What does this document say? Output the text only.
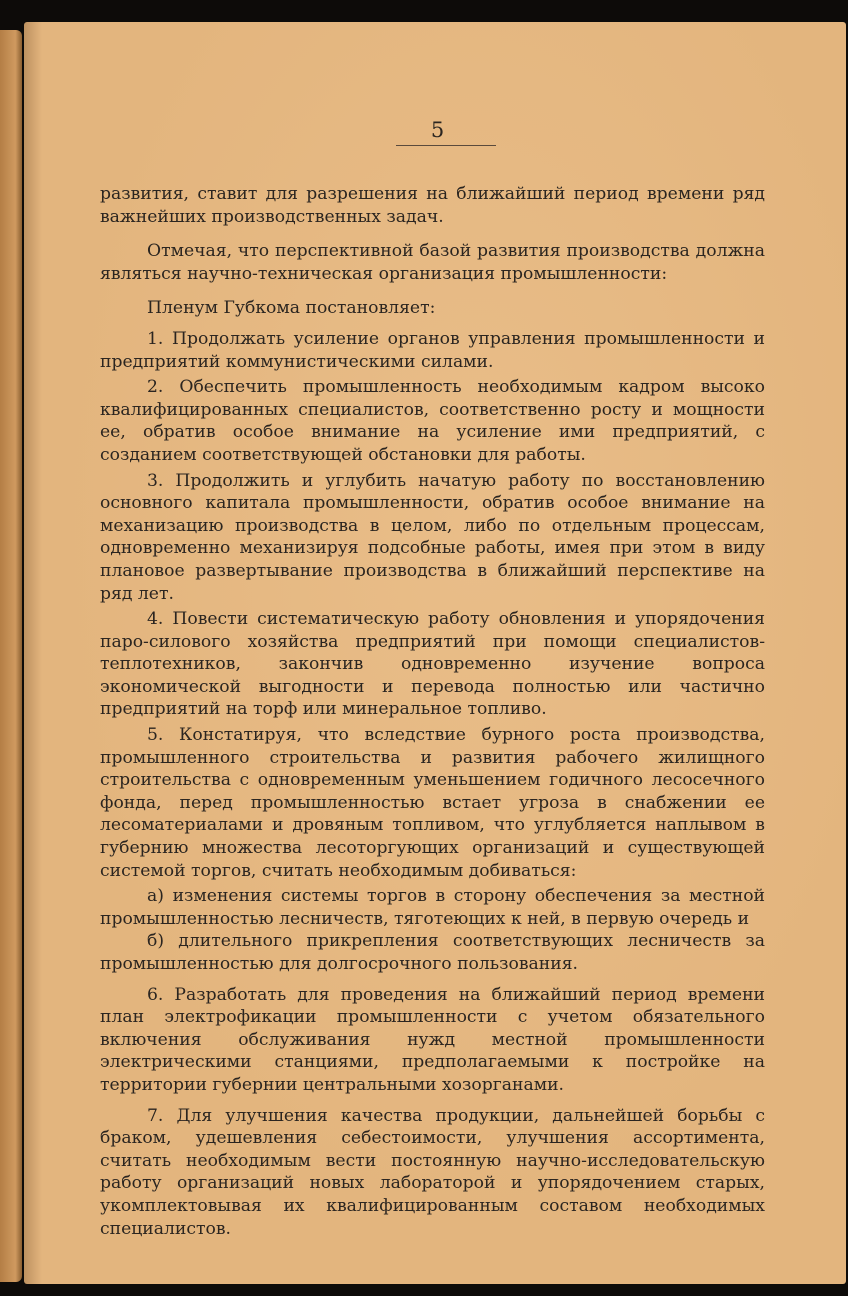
5

развития, ставит для разрешения на ближайший период времени ряд важнейших производственных задач.

Отмечая, что перспективной базой развития производства должна являться научно-техническая организация промышленности:

Пленум Губкома постановляет:

1. Продолжать усиление органов управления промышленности и предприятий коммунистическими силами.

2. Обеспечить промышленность необходимым кадром высоко квалифицированных специалистов, соответственно росту и мощности ее, обратив особое внимание на усиление ими предприятий, с созданием соответствующей обстановки для работы.

3. Продолжить и углубить начатую работу по восстановлению основного капитала промышленности, обратив особое внимание на механизацию производства в целом, либо по отдельным процессам, одновременно механизируя подсобные работы, имея при этом в виду плановое развертывание производства в ближайший перспективе на ряд лет.

4. Повести систематическую работу обновления и упорядочения паро-силового хозяйства предприятий при помощи специалистов-теплотехников, закончив одновременно изучение вопроса экономической выгодности и перевода полностью или частично предприятий на торф или минеральное топливо.

5. Констатируя, что вследствие бурного роста производства, промышленного строительства и развития рабочего жилищного строительства с одновременным уменьшением годичного лесосечного фонда, перед промышленностью встает угроза в снабжении ее лесоматериалами и дровяным топливом, что углубляется наплывом в губернию множества лесоторгующих организаций и существующей системой торгов, считать необходимым добиваться:

а) изменения системы торгов в сторону обеспечения за местной промышленностью лесничеств, тяготеющих к ней, в первую очередь и

б) длительного прикрепления соответствующих лесничеств за промышленностью для долгосрочного пользования.

6. Разработать для проведения на ближайший период времени план электрофикации промышленности с учетом обязательного включения обслуживания нужд местной промышленности электрическими станциями, предполагаемыми к постройке на территории губернии центральными хозорганами.

7. Для улучшения качества продукции, дальнейшей борьбы с браком, удешевления себестоимости, улучшения ассортимента, считать необходимым вести постоянную научно-исследовательскую работу организаций новых лабораторой и упорядочением старых, укомплектовывая их квалифицированным составом необходимых специалистов.
